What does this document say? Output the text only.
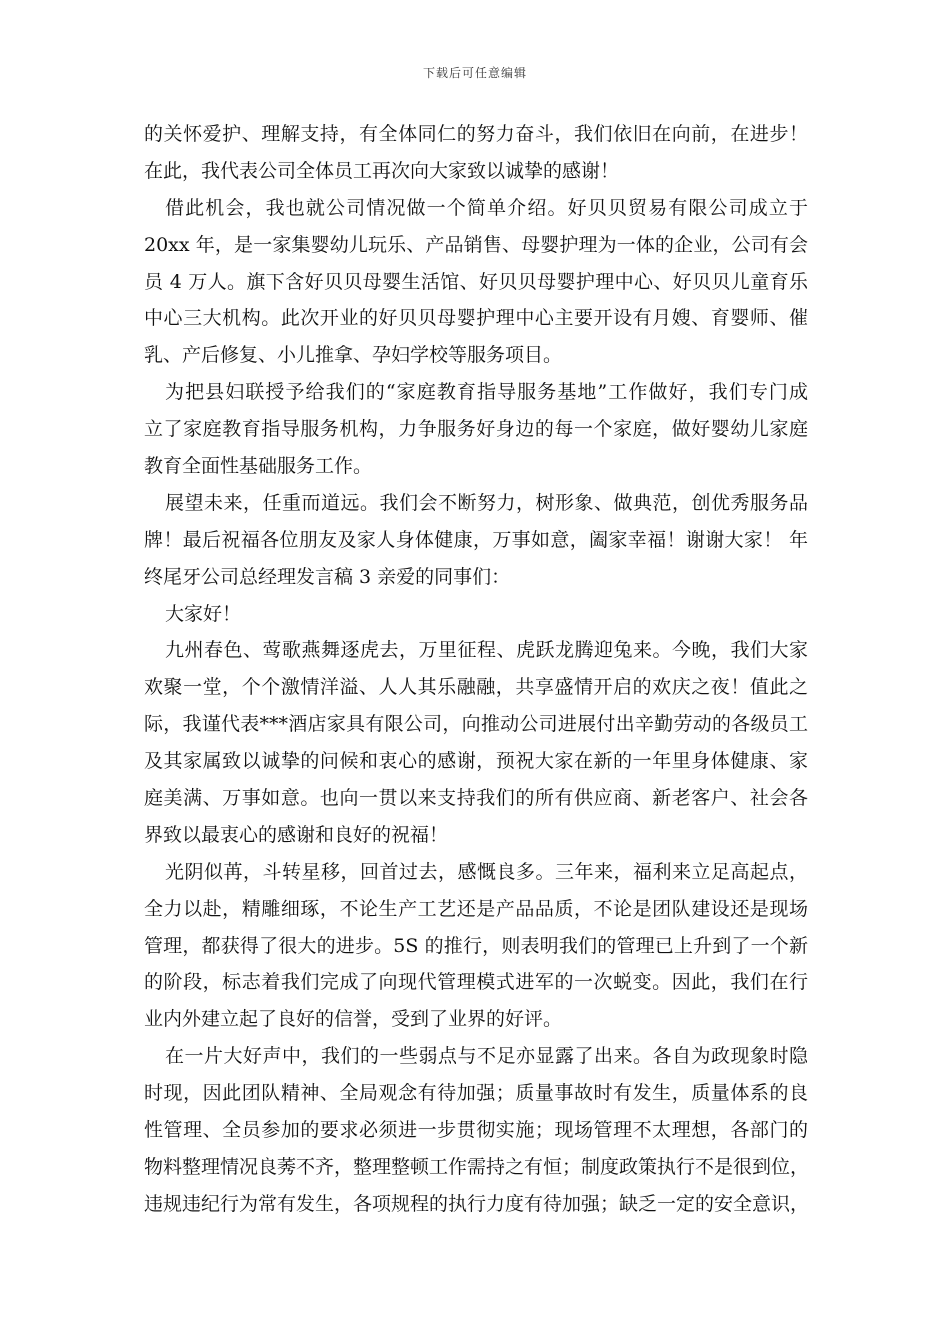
下载后可任意编辑
的关怀爱护、理解支持，有全体同仁的努力奋斗，我们依旧在向前，在进步！
在此，我代表公司全体员工再次向大家致以诚挚的感谢！
借此机会，我也就公司情况做一个简单介绍。好贝贝贸易有限公司成立于
20xx 年，是一家集婴幼儿玩乐、产品销售、母婴护理为一体的企业，公司有会
员 4 万人。旗下含好贝贝母婴生活馆、好贝贝母婴护理中心、好贝贝儿童育乐
中心三大机构。此次开业的好贝贝母婴护理中心主要开设有月嫂、育婴师、催
乳、产后修复、小儿推拿、孕妇学校等服务项目。
为把县妇联授予给我们的“家庭教育指导服务基地”工作做好，我们专门成
立了家庭教育指导服务机构，力争服务好身边的每一个家庭，做好婴幼儿家庭
教育全面性基础服务工作。
展望未来，任重而道远。我们会不断努力，树形象、做典范，创优秀服务品
牌！最后祝福各位朋友及家人身体健康，万事如意，阖家幸福！谢谢大家！ 年
终尾牙公司总经理发言稿 3 亲爱的同事们：
大家好！
九州春色、莺歌燕舞逐虎去，万里征程、虎跃龙腾迎兔来。今晚，我们大家
欢聚一堂，个个激情洋溢、人人其乐融融，共享盛情开启的欢庆之夜！值此之
际，我谨代表***酒店家具有限公司，向推动公司进展付出辛勤劳动的各级员工
及其家属致以诚挚的问候和衷心的感谢，预祝大家在新的一年里身体健康、家
庭美满、万事如意。也向一贯以来支持我们的所有供应商、新老客户、社会各
界致以最衷心的感谢和良好的祝福！
光阴似苒，斗转星移，回首过去，感慨良多。三年来，福利来立足高起点，
全力以赴，精雕细琢，不论生产工艺还是产品品质，不论是团队建设还是现场
管理，都获得了很大的进步。5S 的推行，则表明我们的管理已上升到了一个新
的阶段，标志着我们完成了向现代管理模式进军的一次蜕变。因此，我们在行
业内外建立起了良好的信誉，受到了业界的好评。
在一片大好声中，我们的一些弱点与不足亦显露了出来。各自为政现象时隐
时现，因此团队精神、全局观念有待加强；质量事故时有发生，质量体系的良
性管理、全员参加的要求必须进一步贯彻实施；现场管理不太理想，各部门的
物料整理情况良莠不齐，整理整顿工作需持之有恒；制度政策执行不是很到位，
违规违纪行为常有发生，各项规程的执行力度有待加强；缺乏一定的安全意识，
